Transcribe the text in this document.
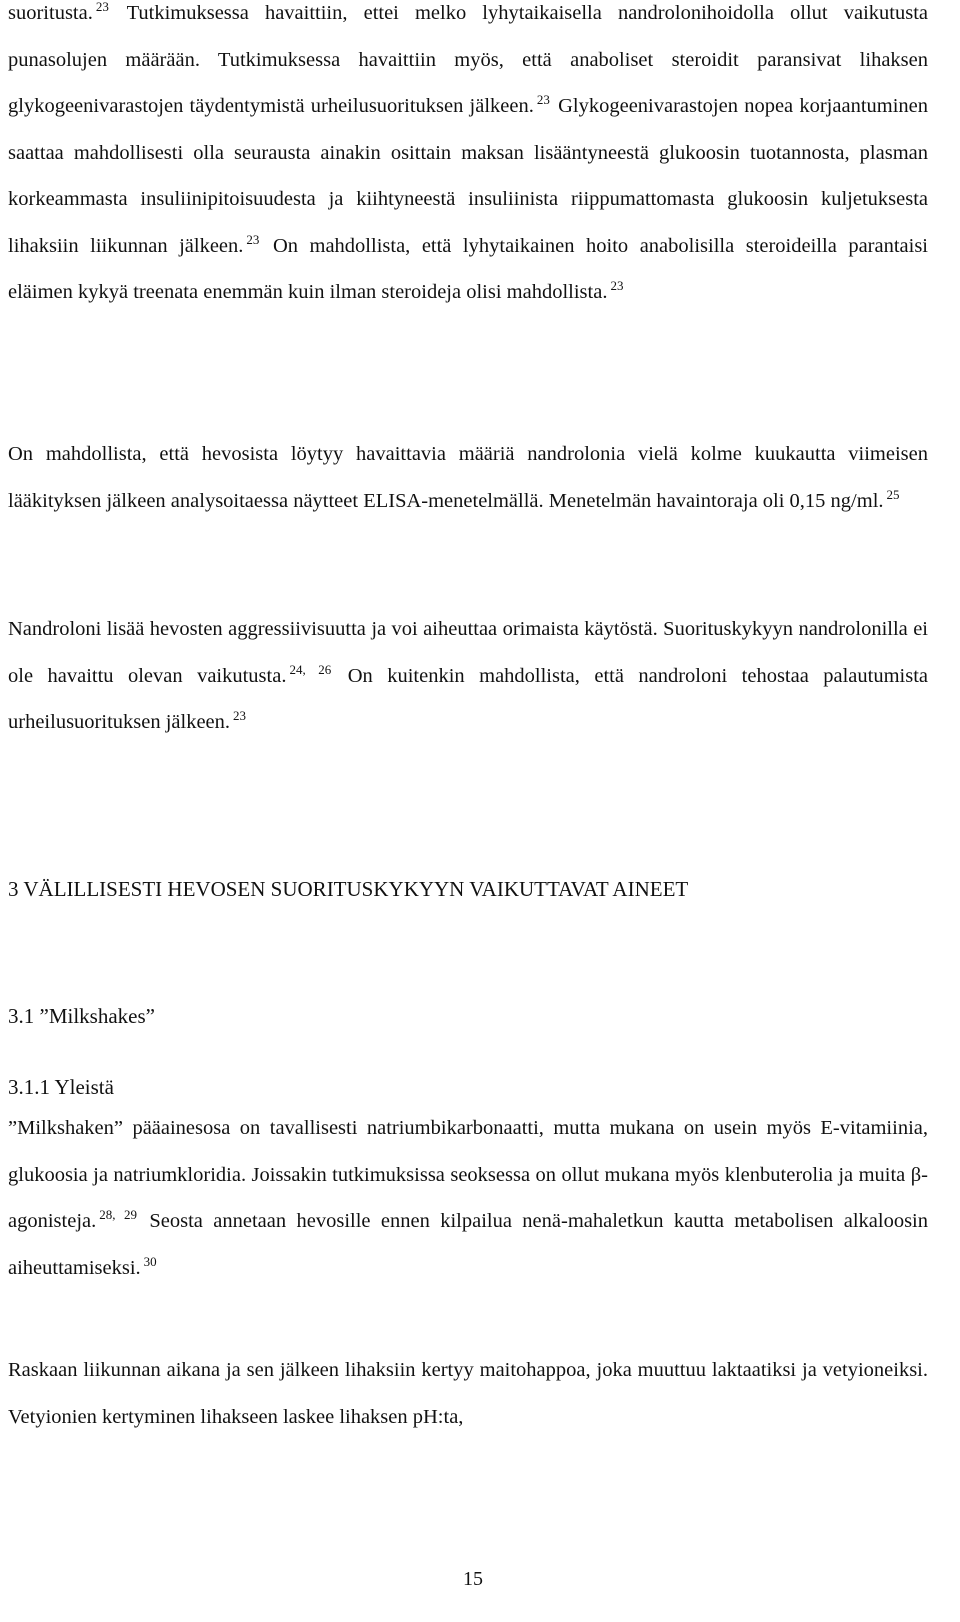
suoritusta. $^{23}$ Tutkimuksessa havaittiin, ettei melko lyhytaikaisella nandrolonihoidolla ollut vaikutusta punasolujen määrään. Tutkimuksessa havaittiin myös, että anaboliset steroidit paransivat lihaksen glykogeenivarastojen täydentymistä urheilusuorituksen jälkeen. $^{23}$ Glykogeenivarastojen nopea korjaantuminen saattaa mahdollisesti olla seurausta ainakin osittain maksan lisääntyneestä glukoosin tuotannosta, plasman korkeammasta insuliinipitoisuudesta ja kiihtyneestä insuliinista riippumattomasta glukoosin kuljetuksesta lihaksiin liikunnan jälkeen. $^{23}$ On mahdollista, että lyhytaikainen hoito anabolisilla steroideilla parantaisi eläimen kykyä treenata enemmän kuin ilman steroideja olisi mahdollista. $^{23}$

On mahdollista, että hevosista löytyy havaittavia määriä nandrolonia vielä kolme kuukautta viimeisen lääkityksen jälkeen analysoitaessa näytteet ELISA-menetelmällä. Menetelmän havaintoraja oli 0,15 ng/ml. $^{25}$

Nandroloni lisää hevosten aggressiivisuutta ja voi aiheuttaa orimaista käytöstä. Suorituskykyyn nandrolonilla ei ole havaittu olevan vaikutusta. $^{24, 26}$ On kuitenkin mahdollista, että nandroloni tehostaa palautumista urheilusuorituksen jälkeen. $^{23}$

3 VÄLILLISESTI HEVOSEN SUORITUSKYKYYN VAIKUTTAVAT AINEET
3.1 ”Milkshakes”
3.1.1 Yleistä

”Milkshaken” pääainesosa on tavallisesti natriumbikarbonaatti, mutta mukana on usein myös E-vitamiinia, glukoosia ja natriumkloridia. Joissakin tutkimuksissa seoksessa on ollut mukana myös klenbuterolia ja muita β-agonisteja. $^{28, 29}$ Seosta annetaan hevosille ennen kilpailua nenä-mahaletkun kautta metabolisen alkaloosin aiheuttamiseksi. $^{30}$

Raskaan liikunnan aikana ja sen jälkeen lihaksiin kertyy maitohappoa, joka muuttuu laktaatiksi ja vetyioneiksi. Vetyionien kertyminen lihakseen laskee lihaksen pH:ta,

15
